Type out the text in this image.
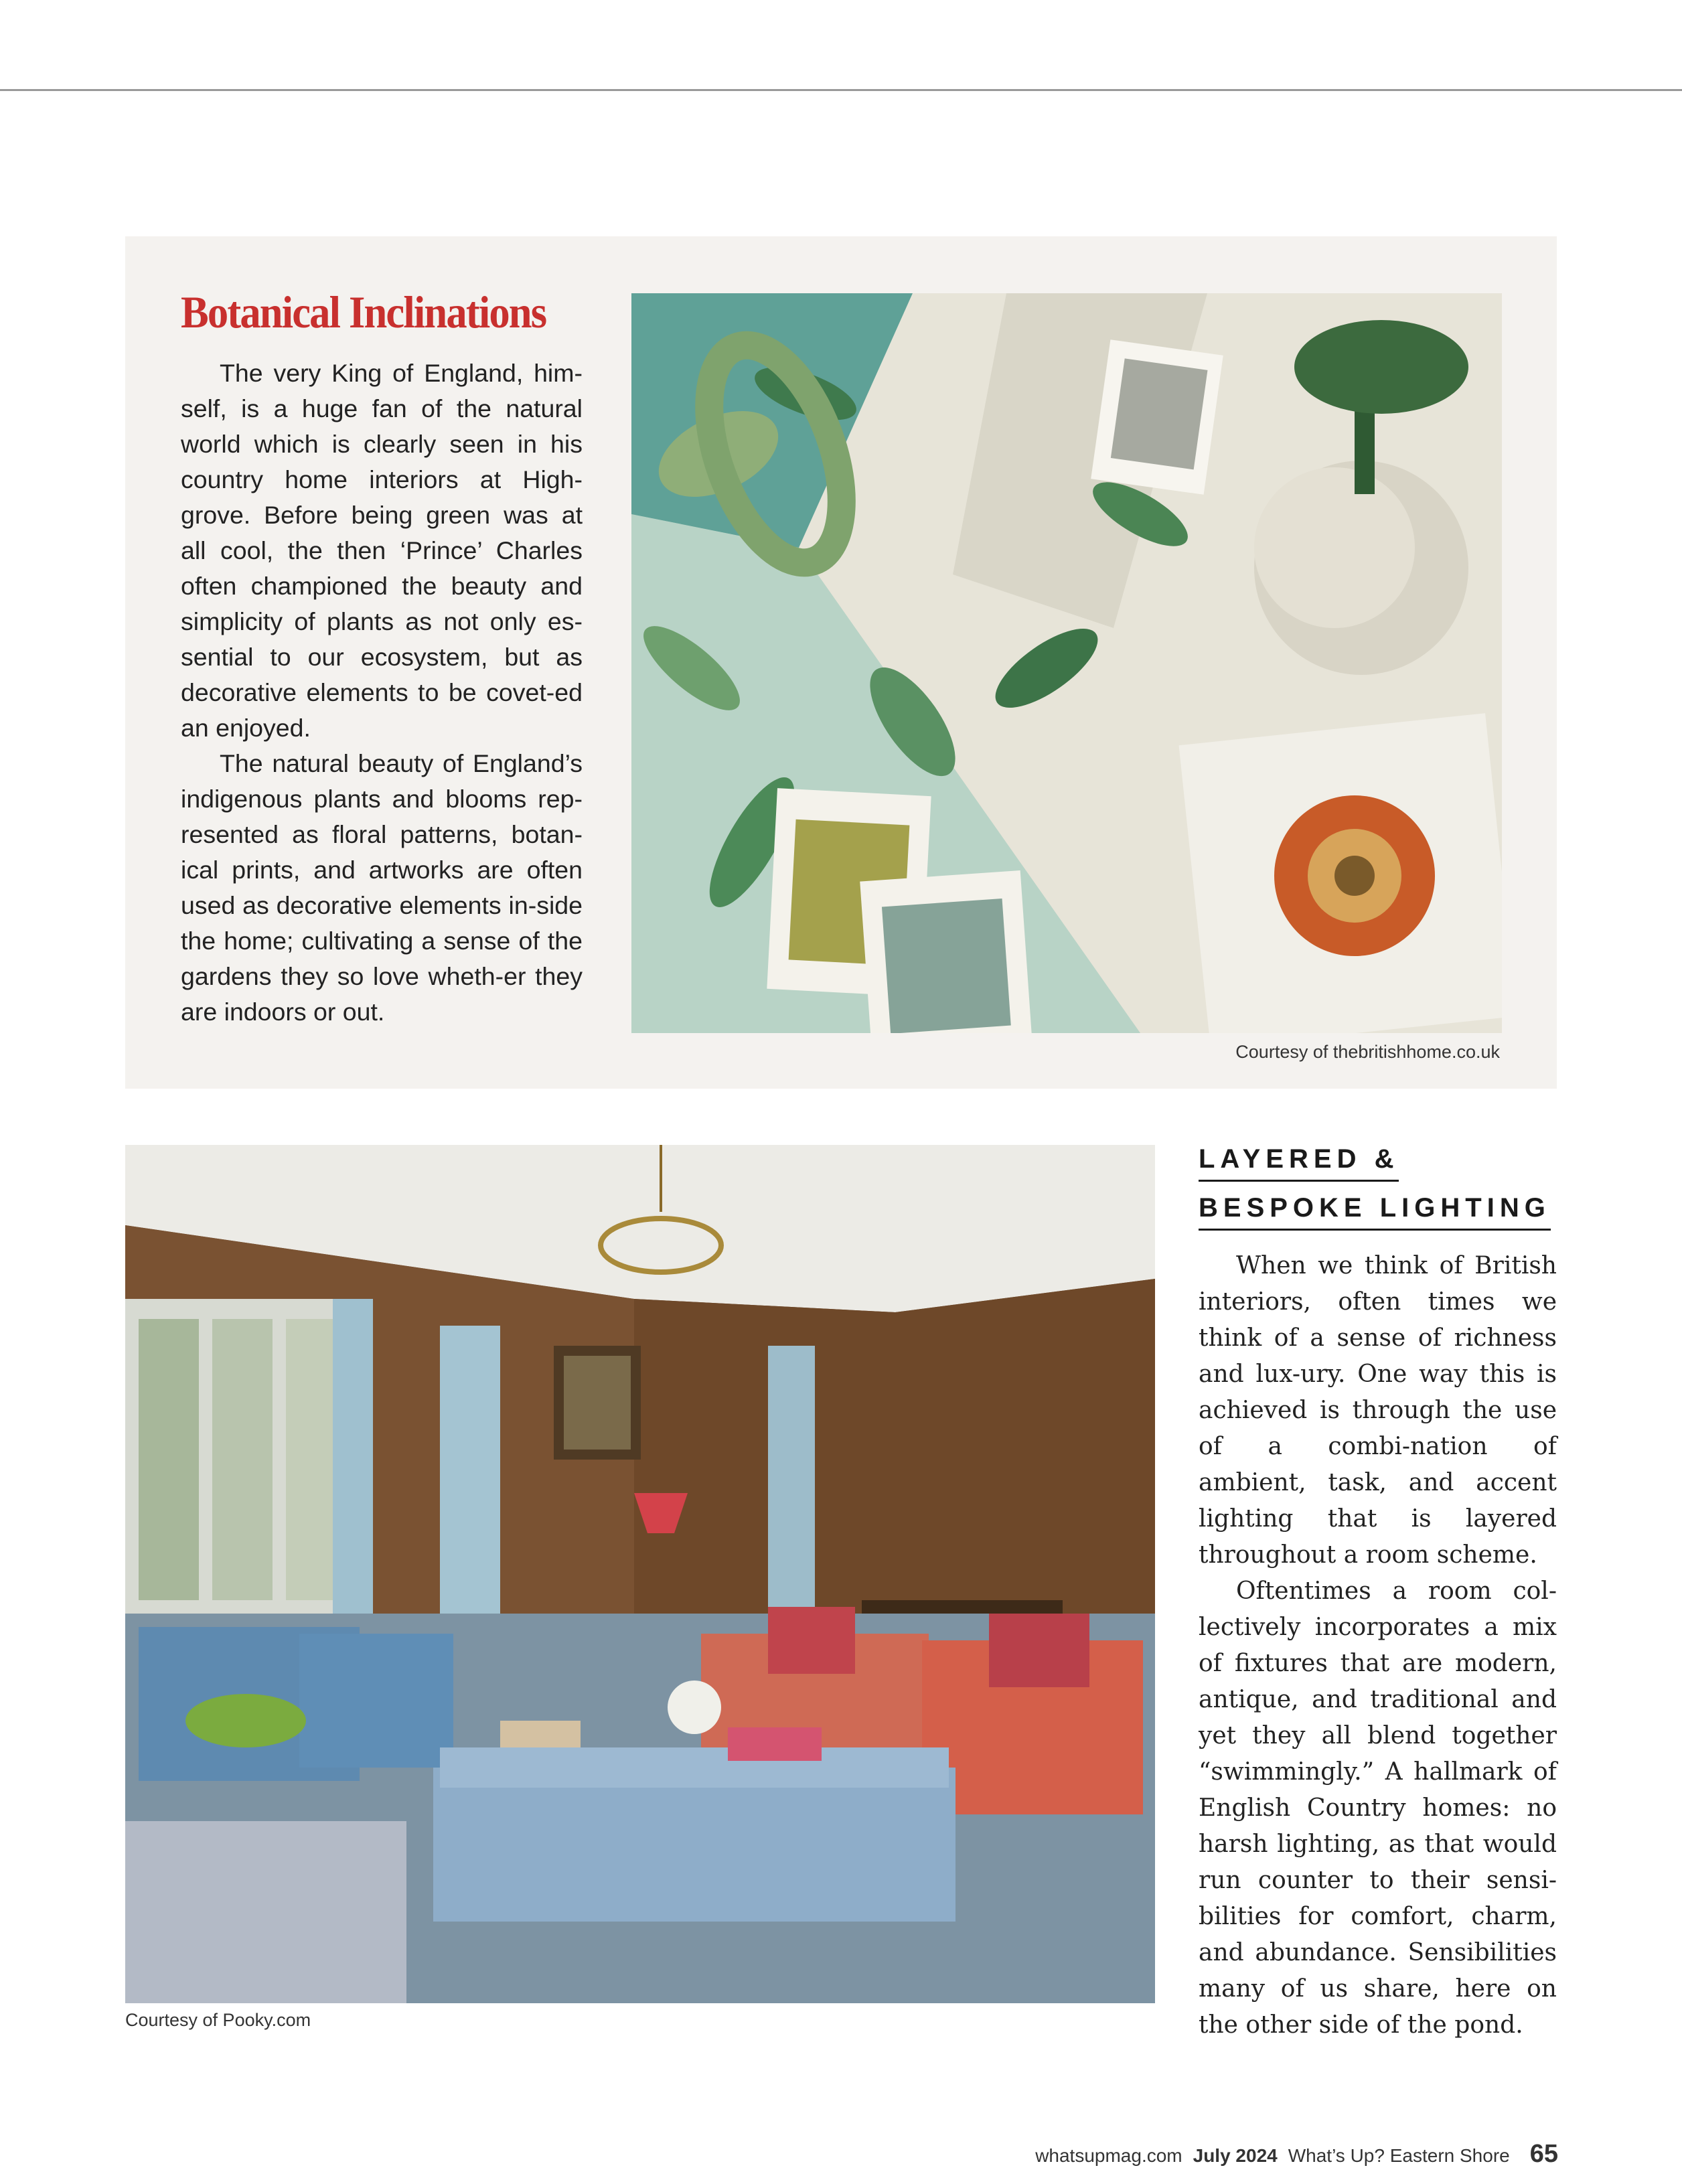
Botanical Inclinations

The very King of England, him-self, is a huge fan of the natural world which is clearly seen in his country home interiors at High-grove. Before being green was at all cool, the then ‘Prince’ Charles often championed the beauty and simplicity of plants as not only es-sential to our ecosystem, but as decorative elements to be covet-ed an enjoyed.

The natural beauty of England’s indigenous plants and blooms rep-resented as floral patterns, botan-ical prints, and artworks are often used as decorative elements in-side the home; cultivating a sense of the gardens they so love wheth-er they are indoors or out.

Courtesy of thebritishhome.co.uk
Courtesy of Pooky.com
LAYERED &
BESPOKE LIGHTING

When we think of British interiors, often times we think of a sense of richness and lux-ury. One way this is achieved is through the use of a combi-nation of ambient, task, and accent lighting that is layered throughout a room scheme.

Oftentimes a room col-lectively incorporates a mix of fixtures that are modern, antique, and traditional and yet they all blend together “swimmingly.” A hallmark of English Country homes: no harsh lighting, as that would run counter to their sensi-bilities for comfort, charm, and abundance. Sensibilities many of us share, here on the other side of the pond.

whatsupmag.com July 2024 What’s Up? Eastern Shore 65
